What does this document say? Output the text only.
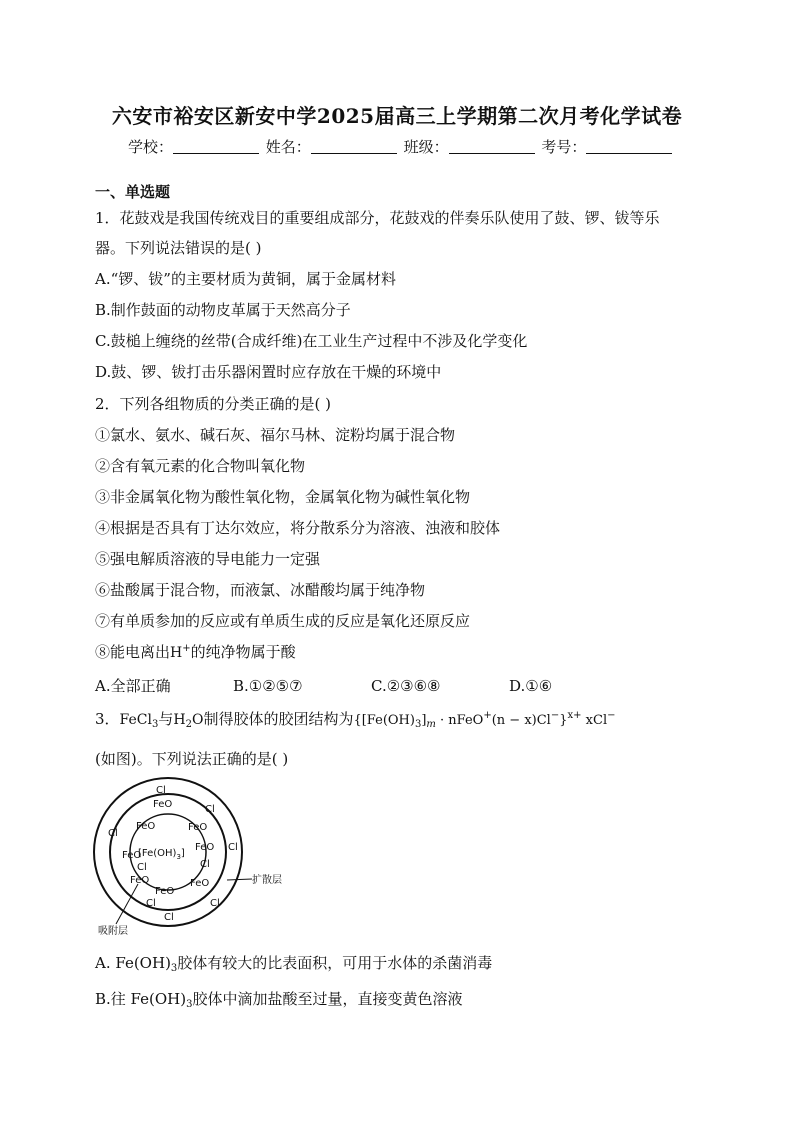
六安市裕安区新安中学2025届高三上学期第二次月考化学试卷
学校：	姓名：	班级：	考号：
一、单选题
1．花鼓戏是我国传统戏目的重要组成部分，花鼓戏的伴奏乐队使用了鼓、锣、钹等乐
器。下列说法错误的是( )
A.“锣、钹”的主要材质为黄铜，属于金属材料
B.制作鼓面的动物皮革属于天然高分子
C.鼓槌上缠绕的丝带(合成纤维)在工业生产过程中不涉及化学变化
D.鼓、锣、钹打击乐器闲置时应存放在干燥的环境中
2．下列各组物质的分类正确的是( )
①氯水、氨水、碱石灰、福尔马林、淀粉均属于混合物
②含有氧元素的化合物叫氧化物
③非金属氧化物为酸性氧化物，金属氧化物为碱性氧化物
④根据是否具有丁达尔效应，将分散系分为溶液、浊液和胶体
⑤强电解质溶液的导电能力一定强
⑥盐酸属于混合物，而液氯、冰醋酸均属于纯净物
⑦有单质参加的反应或有单质生成的反应是氧化还原反应
⑧能电离出H+的纯净物属于酸
A.全部正确	B.①②⑤⑦	C.②③⑥⑧	D.①⑥
3．FeCl$_3$与$H_2O$制得胶体的胶团结构为{$[Fe(OH)_3]_m$ · nFeO+(n − x)Cl−}$^{x+}$ xCl−
(如图)。下列说法正确的是( )
$[Fe(OH)_3]$
FeO
FeO	FeO
FeO
FeO
FeO	FeO
FeO
Cl
Cl
Cl
Cl	Cl
Cl
Cl
Cl
Cl
扩散层
吸附层
A. $Fe(OH)_3$胶体有较大的比表面积，可用于水体的杀菌消毒
B.往 $Fe(OH)_3$胶体中滴加盐酸至过量，直接变黄色溶液
